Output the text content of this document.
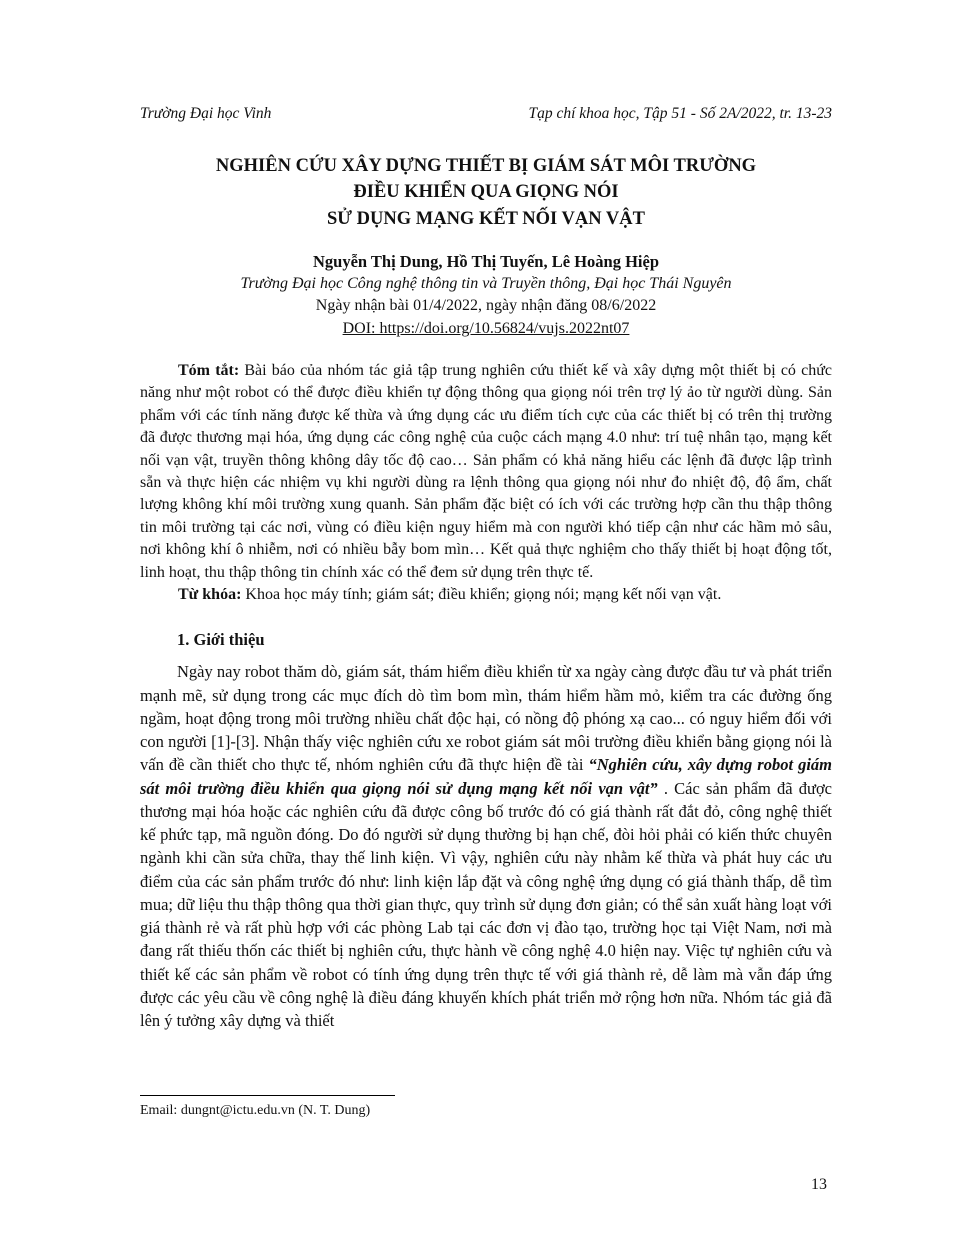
Trường Đại học Vinh	Tạp chí khoa học, Tập 51 - Số 2A/2022, tr. 13-23
NGHIÊN CỨU XÂY DỰNG THIẾT BỊ GIÁM SÁT MÔI TRƯỜNG
ĐIỀU KHIỂN QUA GIỌNG NÓI
SỬ DỤNG MẠNG KẾT NỐI VẠN VẬT

Nguyễn Thị Dung, Hồ Thị Tuyến, Lê Hoàng Hiệp

Trường Đại học Công nghệ thông tin và Truyền thông, Đại học Thái Nguyên

Ngày nhận bài 01/4/2022, ngày nhận đăng 08/6/2022

DOI: https://doi.org/10.56824/vujs.2022nt07

Tóm tắt: Bài báo của nhóm tác giả tập trung nghiên cứu thiết kế và xây dựng một thiết bị có chức năng như một robot có thể được điều khiển tự động thông qua giọng nói trên trợ lý ảo từ người dùng. Sản phẩm với các tính năng được kế thừa và ứng dụng các ưu điểm tích cực của các thiết bị có trên thị trường đã được thương mại hóa, ứng dụng các công nghệ của cuộc cách mạng 4.0 như: trí tuệ nhân tạo, mạng kết nối vạn vật, truyền thông không dây tốc độ cao… Sản phẩm có khả năng hiểu các lệnh đã được lập trình sẵn và thực hiện các nhiệm vụ khi người dùng ra lệnh thông qua giọng nói như đo nhiệt độ, độ ẩm, chất lượng không khí môi trường xung quanh. Sản phẩm đặc biệt có ích với các trường hợp cần thu thập thông tin môi trường tại các nơi, vùng có điều kiện nguy hiểm mà con người khó tiếp cận như các hầm mỏ sâu, nơi không khí ô nhiễm, nơi có nhiều bẫy bom mìn… Kết quả thực nghiệm cho thấy thiết bị hoạt động tốt, linh hoạt, thu thập thông tin chính xác có thể đem sử dụng trên thực tế.

Từ khóa: Khoa học máy tính; giám sát; điều khiển; giọng nói; mạng kết nối vạn vật.

1. Giới thiệu

Ngày nay robot thăm dò, giám sát, thám hiểm điều khiển từ xa ngày càng được đầu tư và phát triển mạnh mẽ, sử dụng trong các mục đích dò tìm bom mìn, thám hiểm hầm mỏ, kiểm tra các đường ống ngầm, hoạt động trong môi trường nhiều chất độc hại, có nồng độ phóng xạ cao... có nguy hiểm đối với con người [1]-[3]. Nhận thấy việc nghiên cứu xe robot giám sát môi trường điều khiển bằng giọng nói là vấn đề cần thiết cho thực tế, nhóm nghiên cứu đã thực hiện đề tài “Nghiên cứu, xây dựng robot giám sát môi trường điều khiển qua giọng nói sử dụng mạng kết nối vạn vật” . Các sản phẩm đã được thương mại hóa hoặc các nghiên cứu đã được công bố trước đó có giá thành rất đắt đỏ, công nghệ thiết kế phức tạp, mã nguồn đóng. Do đó người sử dụng thường bị hạn chế, đòi hỏi phải có kiến thức chuyên ngành khi cần sửa chữa, thay thế linh kiện. Vì vậy, nghiên cứu này nhằm kế thừa và phát huy các ưu điểm của các sản phẩm trước đó như: linh kiện lắp đặt và công nghệ ứng dụng có giá thành thấp, dễ tìm mua; dữ liệu thu thập thông qua thời gian thực, quy trình sử dụng đơn giản; có thể sản xuất hàng loạt với giá thành rẻ và rất phù hợp với các phòng Lab tại các đơn vị đào tạo, trường học tại Việt Nam, nơi mà đang rất thiếu thốn các thiết bị nghiên cứu, thực hành về công nghệ 4.0 hiện nay. Việc tự nghiên cứu và thiết kế các sản phẩm về robot có tính ứng dụng trên thực tế với giá thành rẻ, dễ làm mà vẫn đáp ứng được các yêu cầu về công nghệ là điều đáng khuyến khích phát triển mở rộng hơn nữa. Nhóm tác giả đã lên ý tưởng xây dựng và thiết

Email: dungnt@ictu.edu.vn (N. T. Dung)
13
